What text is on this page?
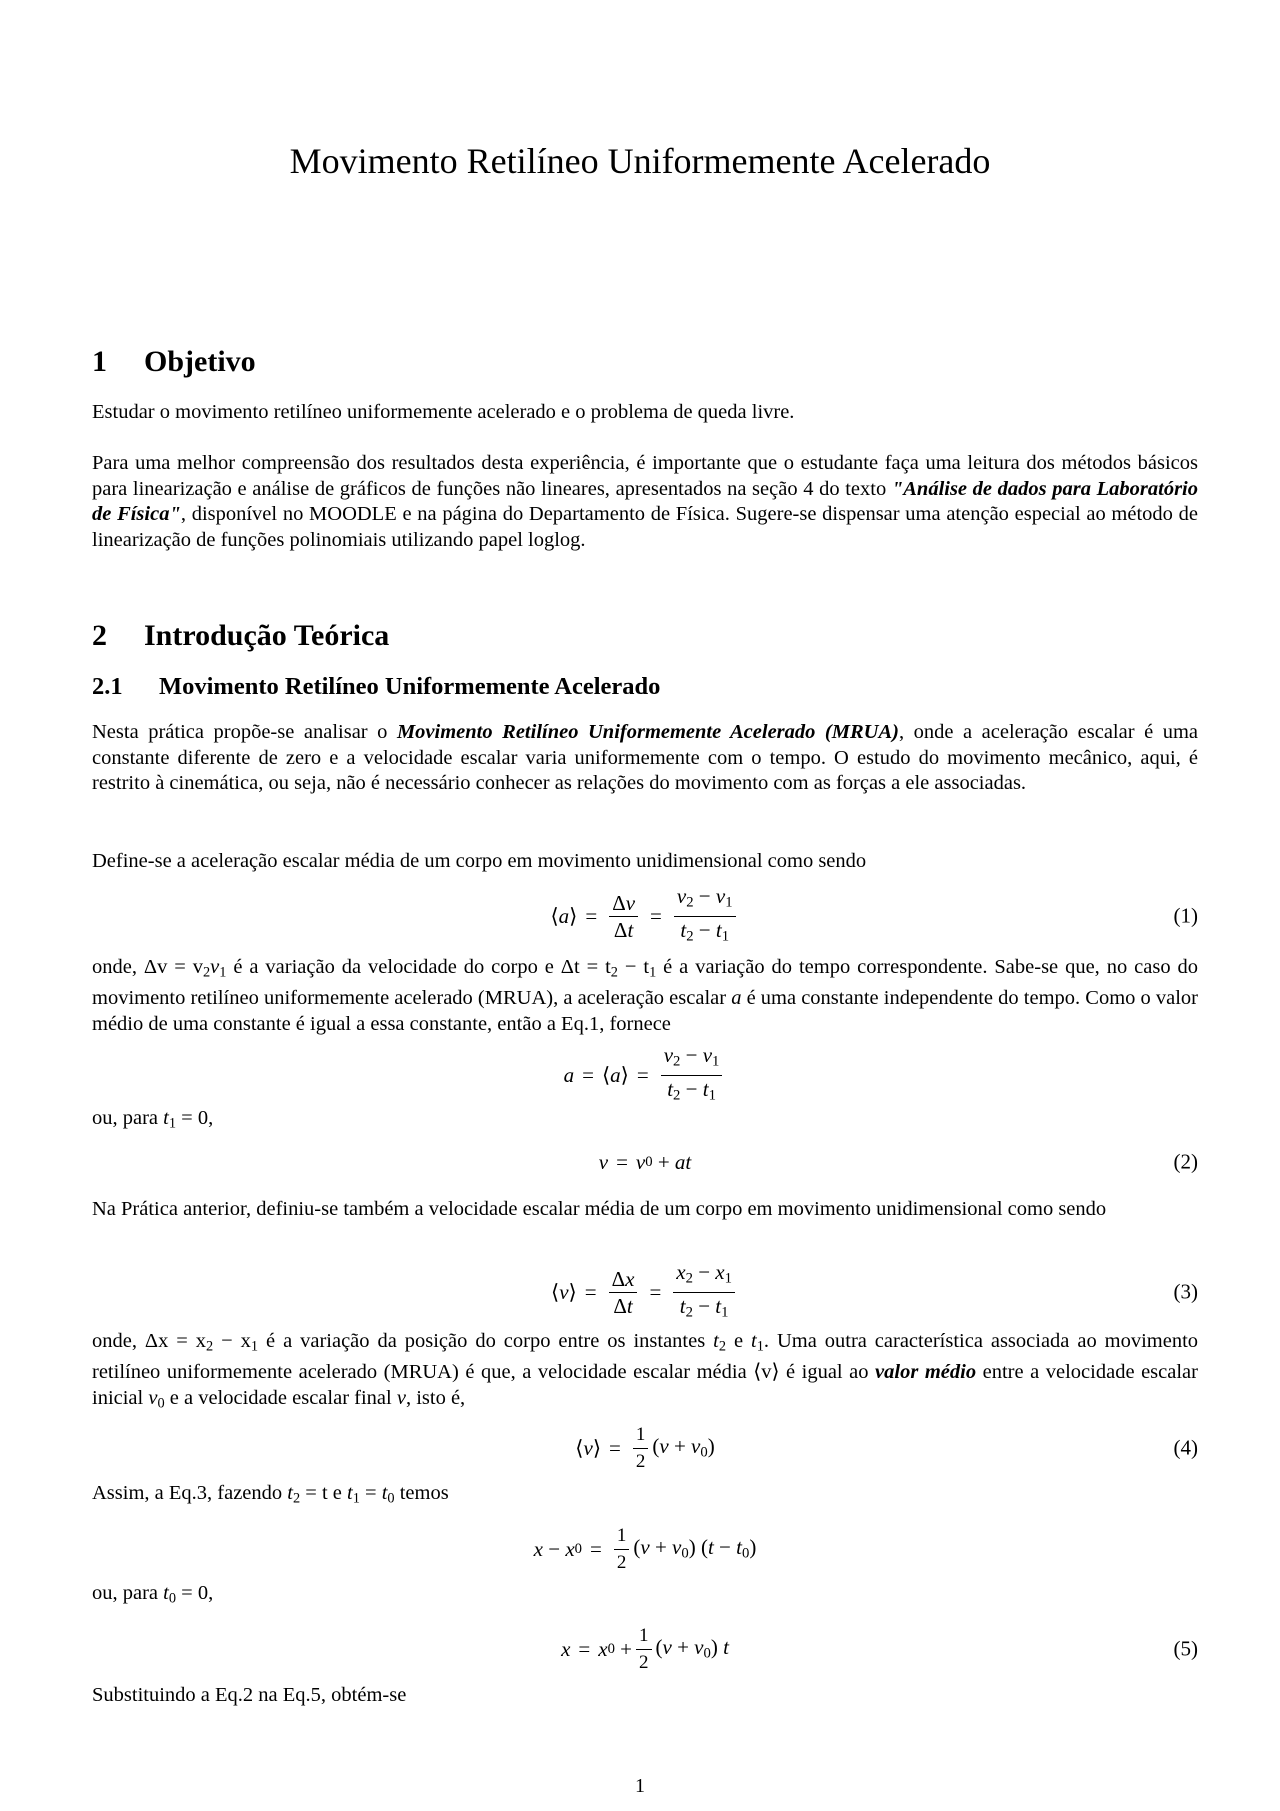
Movimento Retilíneo Uniformemente Acelerado
1 Objetivo

Estudar o movimento retilíneo uniformemente acelerado e o problema de queda livre.

Para uma melhor compreensão dos resultados desta experiência, é importante que o estudante faça uma leitura dos métodos básicos para linearização e análise de gráficos de funções não lineares, apresentados na seção 4 do texto "Análise de dados para Laboratório de Física", disponível no MOODLE e na página do Departamento de Física. Sugere-se dispensar uma atenção especial ao método de linearização de funções polinomiais utilizando papel loglog.

2 Introdução Teórica
2.1 Movimento Retilíneo Uniformemente Acelerado

Nesta prática propõe-se analisar o Movimento Retilíneo Uniformemente Acelerado (MRUA), onde a aceleração escalar é uma constante diferente de zero e a velocidade escalar varia uniformemente com o tempo. O estudo do movimento mecânico, aqui, é restrito à cinemática, ou seja, não é necessário conhecer as relações do movimento com as forças a ele associadas.

Define-se a aceleração escalar média de um corpo em movimento unidimensional como sendo

⟨a⟩ = $\frac{\Delta v}{\Delta t} = \frac{v_2 - v_1}{t_2 - t_1}$	(1)

onde, $\Delta v = v_2v_1$ é a variação da velocidade do corpo e $\Delta t = t_2 - t_1$ é a variação do tempo correspondente. Sabe-se que, no caso do movimento retilíneo uniformemente acelerado (MRUA), a aceleração escalar a é uma constante independente do tempo. Como o valor médio de uma constante é igual a essa constante, então a Eq.1, fornece

a = ⟨a⟩ = $\frac{v_2 - v_1}{t_2 - t_1}$

ou, para $t_1 = 0$,

v = v 0 + at	(2)

Na Prática anterior, definiu-se também a velocidade escalar média de um corpo em movimento unidimensional como sendo

⟨v⟩ = $\frac{\Delta x}{\Delta t} = \frac{x_2 - x_1}{t_2 - t_1}$	(3)

onde, $\Delta x = x_2 - x_1$ é a variação da posição do corpo entre os instantes $t_2$ e $t_1$. Uma outra característica associada ao movimento retilíneo uniformemente acelerado (MRUA) é que, a velocidade escalar média ⟨v⟩ é igual ao valor médio entre a velocidade escalar inicial $v_0$ e a velocidade escalar final v, isto é,

⟨v⟩ = $\frac{1}{2} (v + v_0)$	(4)

Assim, a Eq.3, fazendo $t_2 = t$ e $t_1 = t_0$ temos

x − x $0 = \frac{1}{2} (v + v_0) (t - t_0)$

ou, para $t_0 = 0$,

x = x $0 + \frac{1}{2} (v + v_0)$ t	(5)

Substituindo a Eq.2 na Eq.5, obtém-se

1
